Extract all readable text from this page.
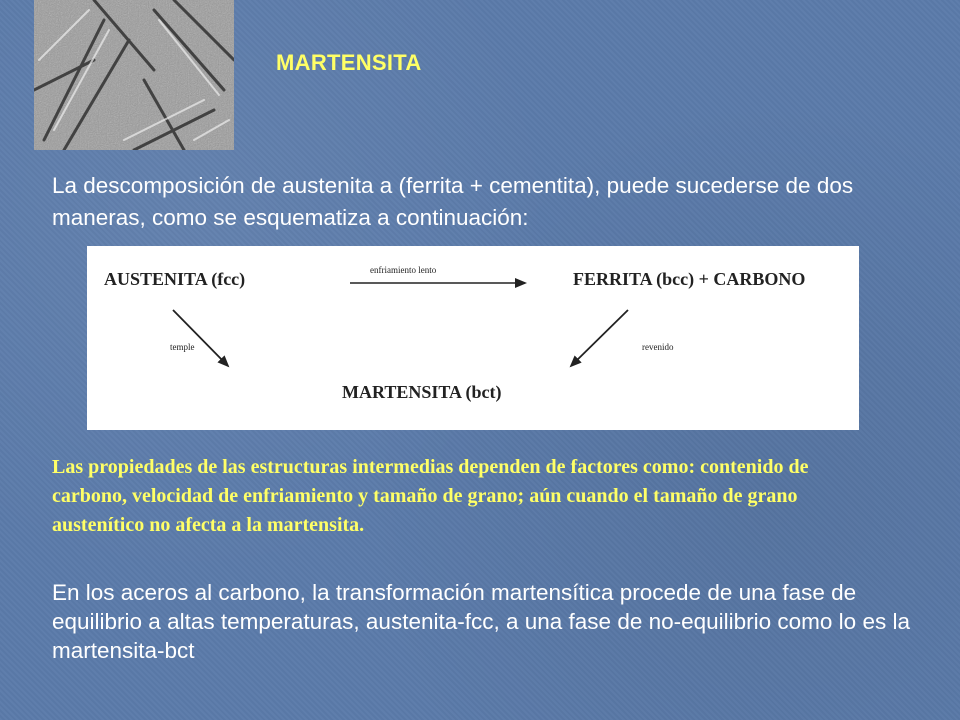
MARTENSITA

La descomposición de austenita a (ferrita + cementita), puede sucederse de dos maneras, como se esquematiza a continuación:

AUSTENITA (fcc)	enfriamiento lento	FERRITA (bcc) + CARBONO
temple	revenido
MARTENSITA (bct)

Las propiedades de las estructuras intermedias dependen de factores como: contenido de carbono, velocidad de enfriamiento y tamaño de grano; aún cuando el tamaño de grano austenítico no afecta a la martensita.

En los aceros al carbono, la transformación martensítica procede de una fase de equilibrio a altas temperaturas, austenita-fcc, a una fase de no-equilibrio como lo es la martensita-bct
